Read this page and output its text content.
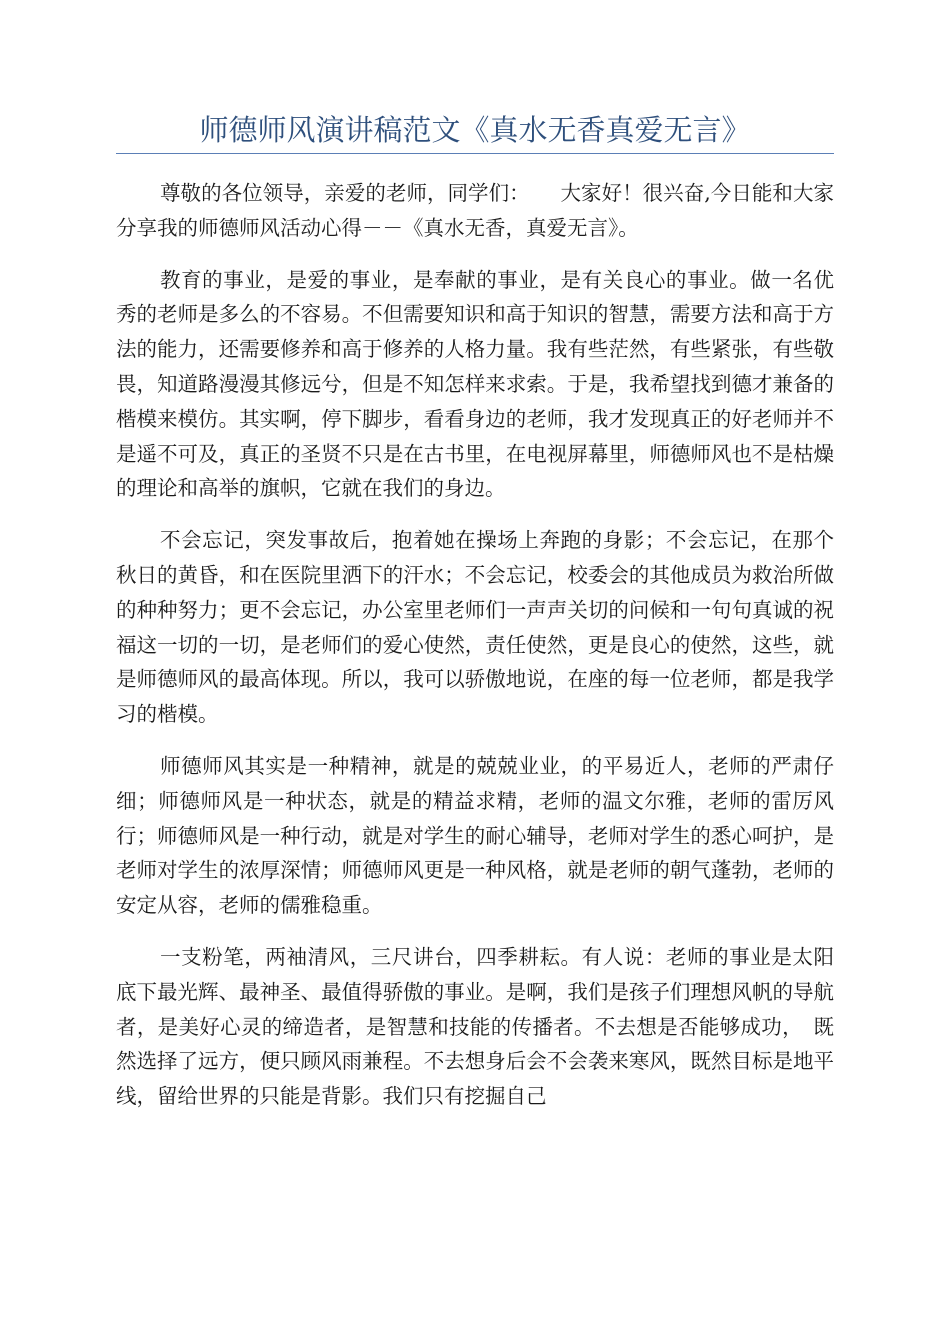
师德师风演讲稿范文《真水无香真爱无言》

尊敬的各位领导，亲爱的老师，同学们：　　大家好！很兴奋,今日能和大家分享我的师德师风活动心得－－《真水无香，真爱无言》。

教育的事业，是爱的事业，是奉献的事业，是有关良心的事业。做一名优秀的老师是多么的不容易。不但需要知识和高于知识的智慧，需要方法和高于方法的能力，还需要修养和高于修养的人格力量。我有些茫然，有些紧张，有些敬畏，知道路漫漫其修远兮，但是不知怎样来求索。于是，我希望找到德才兼备的楷模来模仿。其实啊，停下脚步，看看身边的老师，我才发现真正的好老师并不是遥不可及，真正的圣贤不只是在古书里，在电视屏幕里，师德师风也不是枯燥的理论和高举的旗帜，它就在我们的身边。

不会忘记，突发事故后，抱着她在操场上奔跑的身影；不会忘记，在那个秋日的黄昏，和在医院里洒下的汗水；不会忘记，校委会的其他成员为救治所做的种种努力；更不会忘记，办公室里老师们一声声关切的问候和一句句真诚的祝福这一切的一切，是老师们的爱心使然，责任使然，更是良心的使然，这些，就是师德师风的最高体现。所以，我可以骄傲地说，在座的每一位老师，都是我学习的楷模。

师德师风其实是一种精神，就是的兢兢业业，的平易近人，老师的严肃仔细；师德师风是一种状态，就是的精益求精，老师的温文尔雅，老师的雷厉风行；师德师风是一种行动，就是对学生的耐心辅导，老师对学生的悉心呵护，是老师对学生的浓厚深情；师德师风更是一种风格，就是老师的朝气蓬勃，老师的安定从容，老师的儒雅稳重。

一支粉笔，两袖清风，三尺讲台，四季耕耘。有人说：老师的事业是太阳底下最光辉、最神圣、最值得骄傲的事业。是啊，我们是孩子们理想风帆的导航者，是美好心灵的缔造者，是智慧和技能的传播者。不去想是否能够成功，　既然选择了远方，便只顾风雨兼程。不去想身后会不会袭来寒风，既然目标是地平线，留给世界的只能是背影。我们只有挖掘自己
